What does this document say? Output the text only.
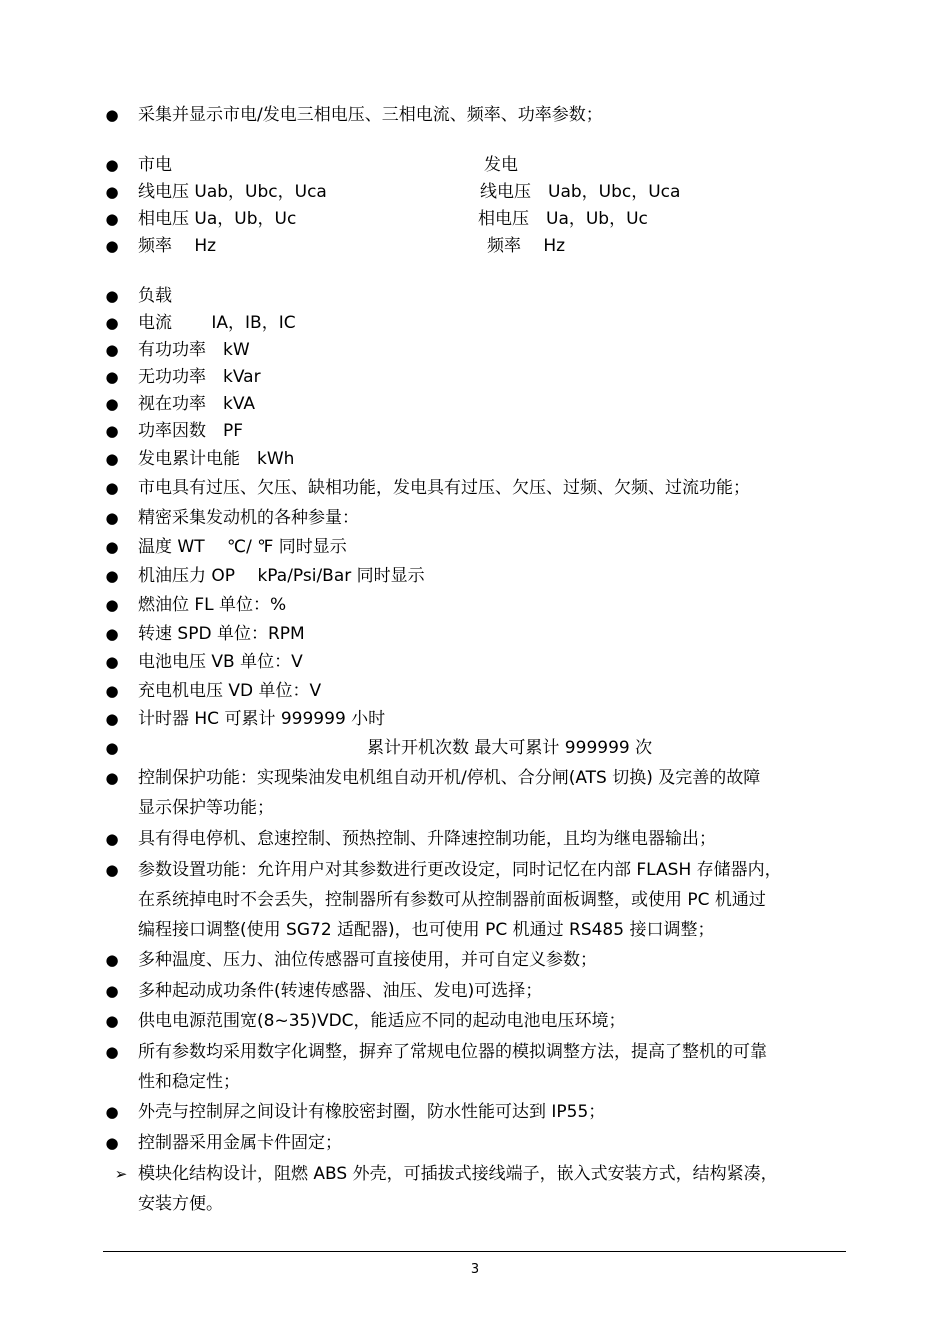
● 采集并显示市电/发电三相电压、三相电流、频率、功率参数；
● 市电	发电
● 线电压 Uab，Ubc，Uca	线电压　Uab，Ubc，Uca
● 相电压 Ua，Ub，Uc	相电压　Ua，Ub，Uc
● 频率　 Hz	频率　 Hz
● 负载
● 电流　　 IA，IB，IC
● 有功功率　kW
● 无功功率　kVar
● 视在功率　kVA
● 功率因数　PF
● 发电累计电能　kWh
● 市电具有过压、欠压、缺相功能，发电具有过压、欠压、过频、欠频、过流功能；
● 精密采集发动机的各种参量：
● 温度 WT　 ℃/ ℉ 同时显示
● 机油压力 OP　 kPa/Psi/Bar 同时显示
● 燃油位 FL 单位：%
● 转速 SPD 单位：RPM
● 电池电压 VB 单位：V
● 充电机电压 VD 单位：V
● 计时器 HC 可累计 999999 小时
●	累计开机次数 最大可累计 999999 次
● 控制保护功能：实现柴油发电机组自动开机/停机、合分闸(ATS 切换) 及完善的故障
显示保护等功能；
● 具有得电停机、怠速控制、预热控制、升降速控制功能，且均为继电器输出；
● 参数设置功能：允许用户对其参数进行更改设定，同时记忆在内部 FLASH 存储器内，
在系统掉电时不会丢失，控制器所有参数可从控制器前面板调整，或使用 PC 机通过
编程接口调整(使用 SG72 适配器)，也可使用 PC 机通过 RS485 接口调整；
● 多种温度、压力、油位传感器可直接使用，并可自定义参数；
● 多种起动成功条件(转速传感器、油压、发电)可选择；
● 供电电源范围宽(8~35)VDC，能适应不同的起动电池电压环境；
● 所有参数均采用数字化调整，摒弃了常规电位器的模拟调整方法，提高了整机的可靠
性和稳定性；
● 外壳与控制屏之间设计有橡胶密封圈，防水性能可达到 IP55；
● 控制器采用金属卡件固定；
➢ 模块化结构设计，阻燃 ABS 外壳，可插拔式接线端子，嵌入式安装方式，结构紧凑，
安装方便。
3
